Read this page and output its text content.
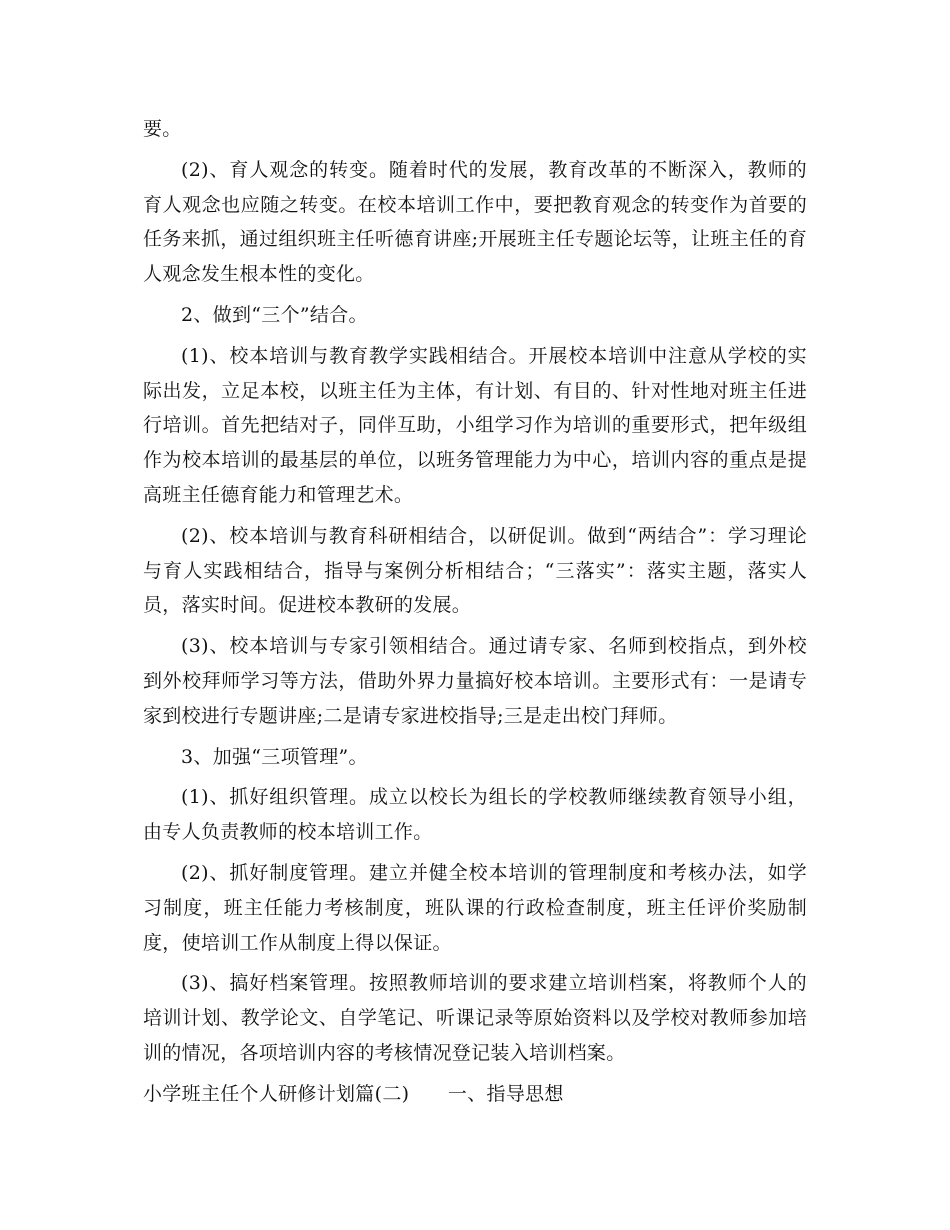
要。

(2)、育人观念的转变。随着时代的发展，教育改革的不断深入，教师的育人观念也应随之转变。在校本培训工作中，要把教育观念的转变作为首要的任务来抓，通过组织班主任听德育讲座;开展班主任专题论坛等，让班主任的育人观念发生根本性的变化。

2、做到“三个”结合。

(1)、校本培训与教育教学实践相结合。开展校本培训中注意从学校的实际出发，立足本校，以班主任为主体，有计划、有目的、针对性地对班主任进行培训。首先把结对子，同伴互助，小组学习作为培训的重要形式，把年级组作为校本培训的最基层的单位，以班务管理能力为中心，培训内容的重点是提高班主任德育能力和管理艺术。

(2)、校本培训与教育科研相结合，以研促训。做到“两结合”：学习理论与育人实践相结合，指导与案例分析相结合；“三落实”：落实主题，落实人员，落实时间。促进校本教研的发展。

(3)、校本培训与专家引领相结合。通过请专家、名师到校指点，到外校到外校拜师学习等方法，借助外界力量搞好校本培训。主要形式有：一是请专家到校进行专题讲座;二是请专家进校指导;三是走出校门拜师。

3、加强“三项管理”。

(1)、抓好组织管理。成立以校长为组长的学校教师继续教育领导小组，由专人负责教师的校本培训工作。

(2)、抓好制度管理。建立并健全校本培训的管理制度和考核办法，如学习制度，班主任能力考核制度，班队课的行政检查制度，班主任评价奖励制度，使培训工作从制度上得以保证。

(3)、搞好档案管理。按照教师培训的要求建立培训档案，将教师个人的培训计划、教学论文、自学笔记、听课记录等原始资料以及学校对教师参加培训的情况，各项培训内容的考核情况登记装入培训档案。

小学班主任个人研修计划篇(二)　　一、指导思想
